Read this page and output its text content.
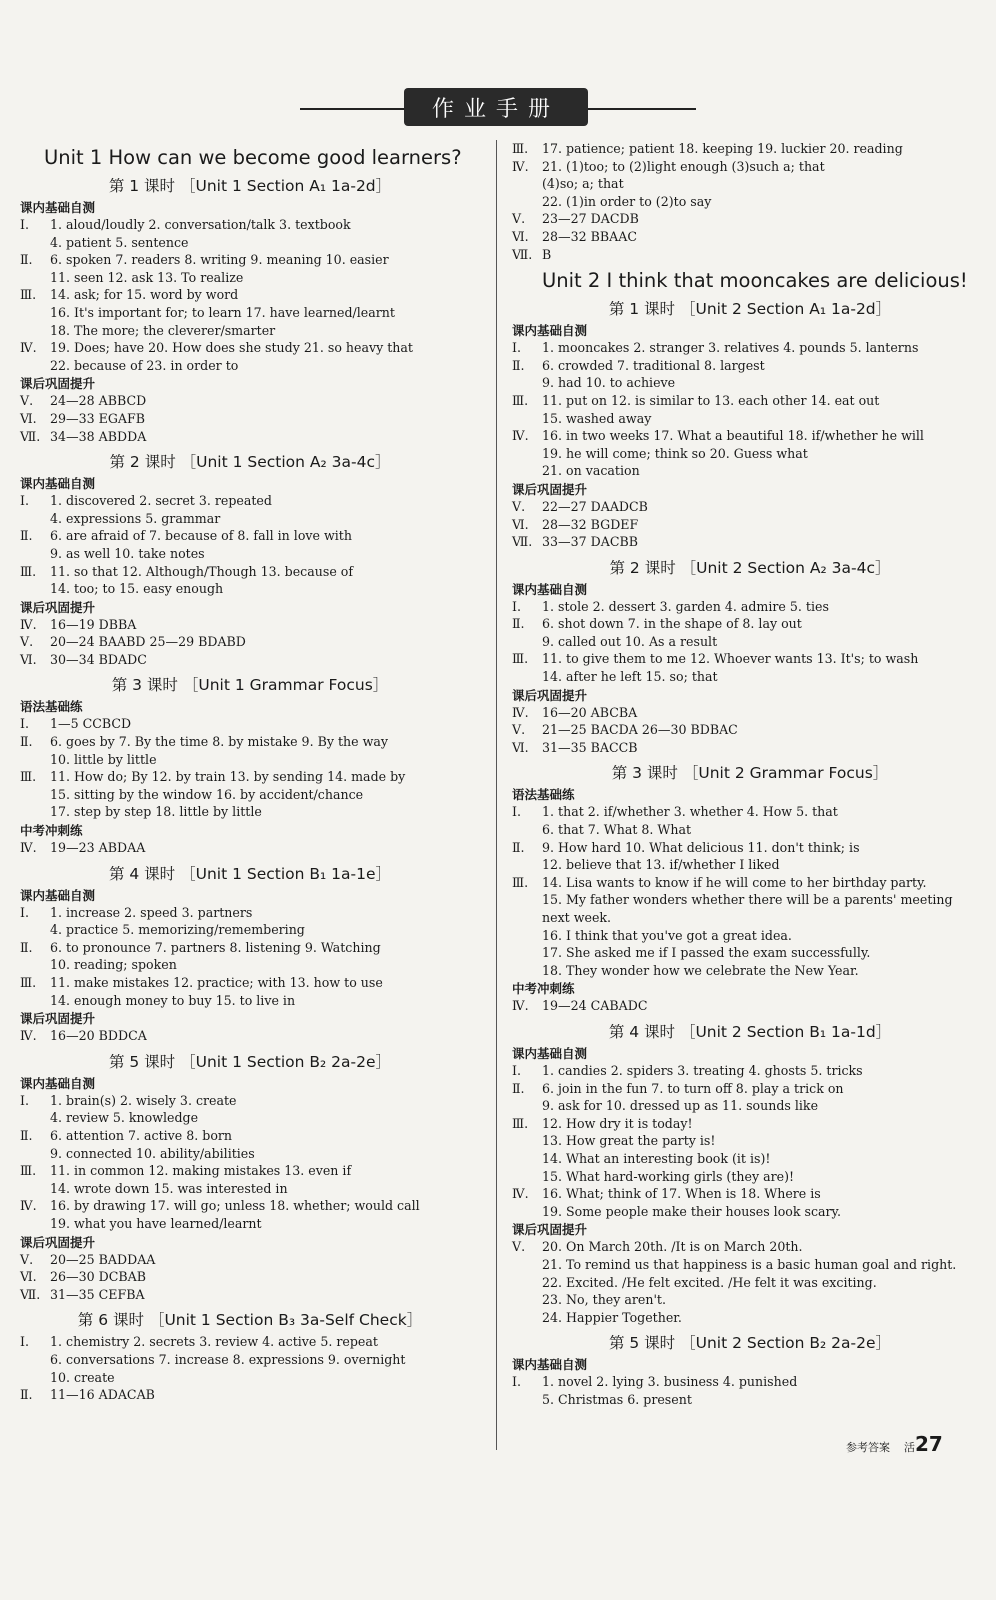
作业手册
Unit 1 How can we become good learners?
第 1 课时 ［Unit 1 Section A₁ 1a-2d］
课内基础自测
Ⅰ. 1. aloud/loudly 2. conversation/talk 3. textbook
4. patient 5. sentence
Ⅱ. 6. spoken 7. readers 8. writing 9. meaning 10. easier
11. seen 12. ask 13. To realize
Ⅲ. 14. ask; for 15. word by word
16. It's important for; to learn 17. have learned/learnt
18. The more; the cleverer/smarter
Ⅳ. 19. Does; have 20. How does she study 21. so heavy that
22. because of 23. in order to
课后巩固提升
Ⅴ. 24—28 ABBCD
Ⅵ. 29—33 EGAFB
Ⅶ. 34—38 ABDDA
第 2 课时 ［Unit 1 Section A₂ 3a-4c］
课内基础自测
Ⅰ. 1. discovered 2. secret 3. repeated
4. expressions 5. grammar
Ⅱ. 6. are afraid of 7. because of 8. fall in love with
9. as well 10. take notes
Ⅲ. 11. so that 12. Although/Though 13. because of
14. too; to 15. easy enough
课后巩固提升
Ⅳ. 16—19 DBBA
Ⅴ. 20—24 BAABD 25—29 BDABD
Ⅵ. 30—34 BDADC
第 3 课时 ［Unit 1 Grammar Focus］
语法基础练
Ⅰ. 1—5 CCBCD
Ⅱ. 6. goes by 7. By the time 8. by mistake 9. By the way
10. little by little
Ⅲ. 11. How do; By 12. by train 13. by sending 14. made by
15. sitting by the window 16. by accident/chance
17. step by step 18. little by little
中考冲刺练
Ⅳ. 19—23 ABDAA
第 4 课时 ［Unit 1 Section B₁ 1a-1e］
课内基础自测
Ⅰ. 1. increase 2. speed 3. partners
4. practice 5. memorizing/remembering
Ⅱ. 6. to pronounce 7. partners 8. listening 9. Watching
10. reading; spoken
Ⅲ. 11. make mistakes 12. practice; with 13. how to use
14. enough money to buy 15. to live in
课后巩固提升
Ⅳ. 16—20 BDDCA
第 5 课时 ［Unit 1 Section B₂ 2a-2e］
课内基础自测
Ⅰ. 1. brain(s) 2. wisely 3. create
4. review 5. knowledge
Ⅱ. 6. attention 7. active 8. born
9. connected 10. ability/abilities
Ⅲ. 11. in common 12. making mistakes 13. even if
14. wrote down 15. was interested in
Ⅳ. 16. by drawing 17. will go; unless 18. whether; would call
19. what you have learned/learnt
课后巩固提升
Ⅴ. 20—25 BADDAA
Ⅵ. 26—30 DCBAB
Ⅶ. 31—35 CEFBA
第 6 课时 ［Unit 1 Section B₃ 3a-Self Check］
Ⅰ. 1. chemistry 2. secrets 3. review 4. active 5. repeat
6. conversations 7. increase 8. expressions 9. overnight
10. create
Ⅱ. 11—16 ADACAB
Ⅲ. 17. patience; patient 18. keeping 19. luckier 20. reading
Ⅳ. 21. (1)too; to (2)light enough (3)such a; that
(4)so; a; that
22. (1)in order to (2)to say
Ⅴ. 23—27 DACDB
Ⅵ. 28—32 BBAAC
Ⅶ. B
Unit 2 I think that mooncakes are delicious!
第 1 课时 ［Unit 2 Section A₁ 1a-2d］
课内基础自测
Ⅰ. 1. mooncakes 2. stranger 3. relatives 4. pounds 5. lanterns
Ⅱ. 6. crowded 7. traditional 8. largest
9. had 10. to achieve
Ⅲ. 11. put on 12. is similar to 13. each other 14. eat out
15. washed away
Ⅳ. 16. in two weeks 17. What a beautiful 18. if/whether he will
19. he will come; think so 20. Guess what
21. on vacation
课后巩固提升
Ⅴ. 22—27 DAADCB
Ⅵ. 28—32 BGDEF
Ⅶ. 33—37 DACBB
第 2 课时 ［Unit 2 Section A₂ 3a-4c］
课内基础自测
Ⅰ. 1. stole 2. dessert 3. garden 4. admire 5. ties
Ⅱ. 6. shot down 7. in the shape of 8. lay out
9. called out 10. As a result
Ⅲ. 11. to give them to me 12. Whoever wants 13. It's; to wash
14. after he left 15. so; that
课后巩固提升
Ⅳ. 16—20 ABCBA
Ⅴ. 21—25 BACDA 26—30 BDBAC
Ⅵ. 31—35 BACCB
第 3 课时 ［Unit 2 Grammar Focus］
语法基础练
Ⅰ. 1. that 2. if/whether 3. whether 4. How 5. that
6. that 7. What 8. What
Ⅱ. 9. How hard 10. What delicious 11. don't think; is
12. believe that 13. if/whether I liked
Ⅲ. 14. Lisa wants to know if he will come to her birthday party.
15. My father wonders whether there will be a parents' meeting
next week.
16. I think that you've got a great idea.
17. She asked me if I passed the exam successfully.
18. They wonder how we celebrate the New Year.
中考冲刺练
Ⅳ. 19—24 CABADC
第 4 课时 ［Unit 2 Section B₁ 1a-1d］
课内基础自测
Ⅰ. 1. candies 2. spiders 3. treating 4. ghosts 5. tricks
Ⅱ. 6. join in the fun 7. to turn off 8. play a trick on
9. ask for 10. dressed up as 11. sounds like
Ⅲ. 12. How dry it is today!
13. How great the party is!
14. What an interesting book (it is)!
15. What hard-working girls (they are)!
Ⅳ. 16. What; think of 17. When is 18. Where is
19. Some people make their houses look scary.
课后巩固提升
Ⅴ. 20. On March 20th. /It is on March 20th.
21. To remind us that happiness is a basic human goal and right.
22. Excited. /He felt excited. /He felt it was exciting.
23. No, they aren't.
24. Happier Together.
第 5 课时 ［Unit 2 Section B₂ 2a-2e］
课内基础自测
Ⅰ. 1. novel 2. lying 3. business 4. punished
5. Christmas 6. present
参考答案 活27
